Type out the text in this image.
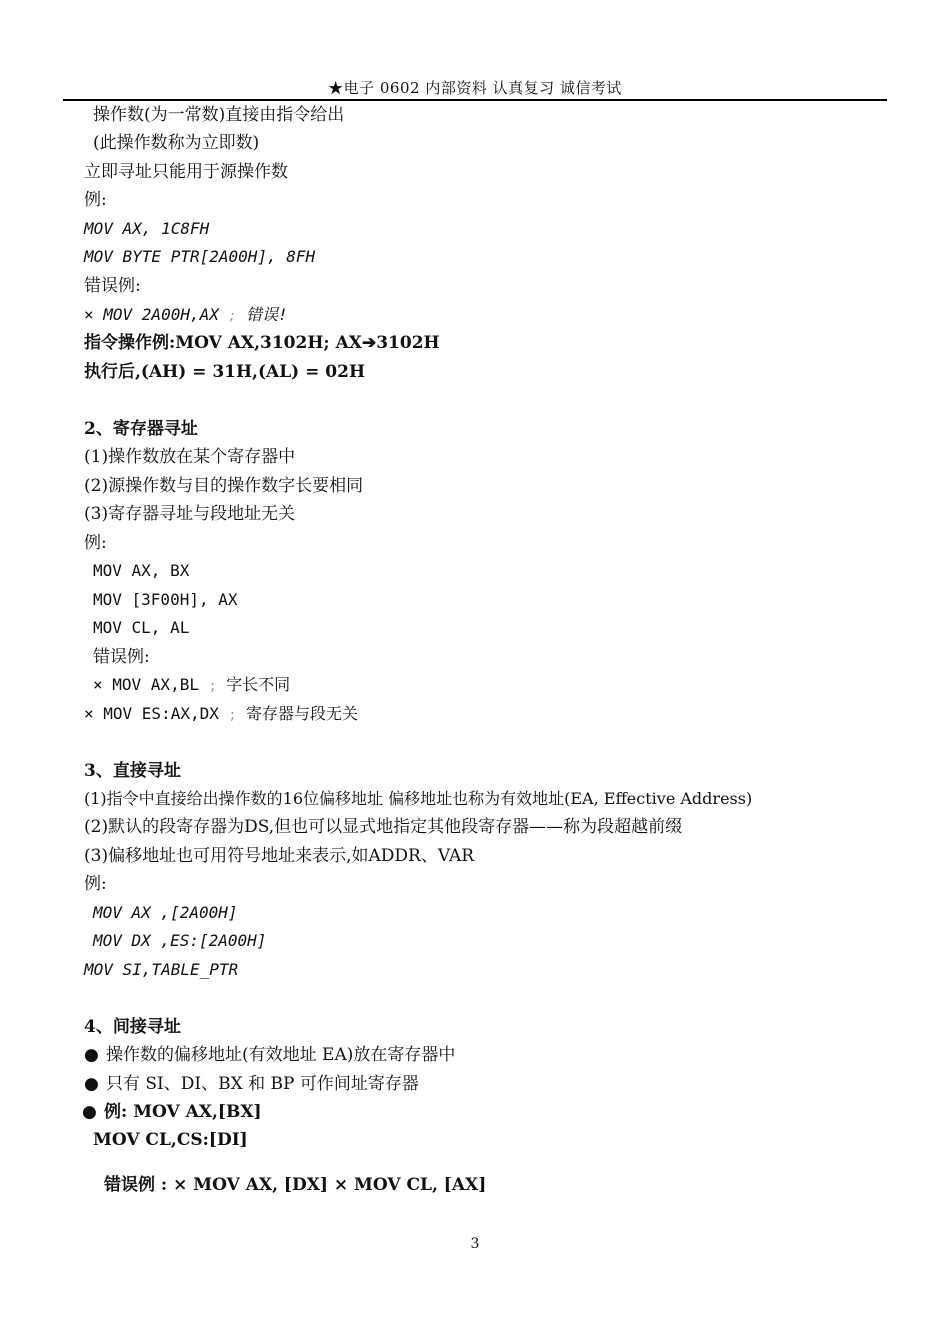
★电子 0602 内部资料 认真复习 诚信考试
操作数(为一常数)直接由指令给出
(此操作数称为立即数)
立即寻址只能用于源操作数
例:
MOV AX, 1C8FH
MOV BYTE PTR[2A00H], 8FH
错误例:
× MOV 2A00H,AX ; 错误!
指令操作例:MOV AX,3102H; AX➔3102H
执行后,(AH) = 31H,(AL) = 02H
2、寄存器寻址
(1)操作数放在某个寄存器中
(2)源操作数与目的操作数字长要相同
(3)寄存器寻址与段地址无关
例:
MOV AX, BX
MOV [3F00H], AX
MOV CL, AL
错误例:
× MOV AX,BL ; 字长不同
× MOV ES:AX,DX ; 寄存器与段无关
3、直接寻址
(1)指令中直接给出操作数的16位偏移地址 偏移地址也称为有效地址(EA, Effective Address)
(2)默认的段寄存器为DS,但也可以显式地指定其他段寄存器——称为段超越前缀
(3)偏移地址也可用符号地址来表示,如ADDR、VAR
例:
MOV AX ,[2A00H]
MOV DX ,ES:[2A00H]
MOV SI,TABLE_PTR
4、间接寻址
● 操作数的偏移地址(有效地址 EA)放在寄存器中
● 只有 SI、DI、BX 和 BP 可作间址寄存器
● 例: MOV AX,[BX]
MOV CL,CS:[DI]
错误例 : × MOV AX, [DX] × MOV CL, [AX]
3
